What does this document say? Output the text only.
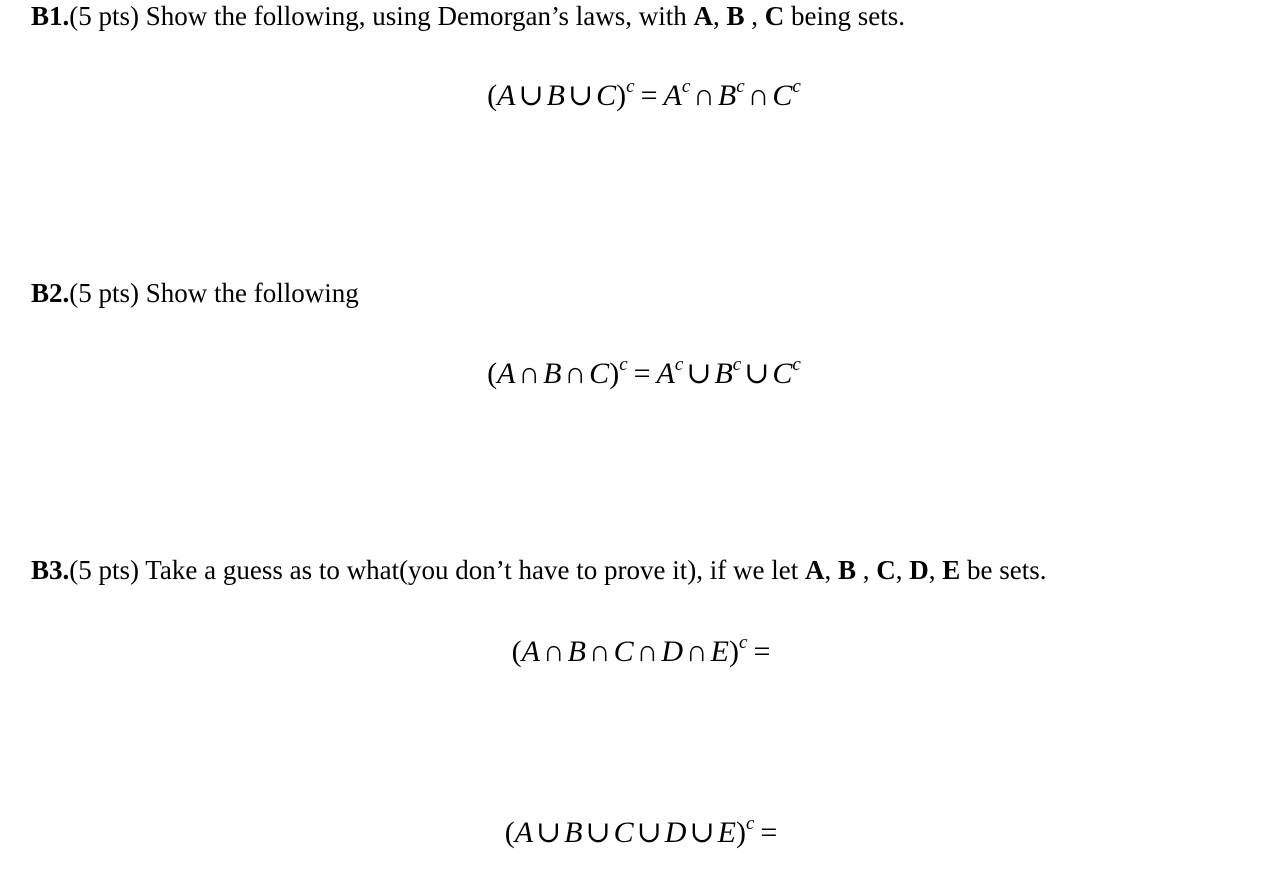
B1.(5 pts) Show the following, using Demorgan’s laws, with A, B , C being sets.
(A ∪ B ∪ $C)^c = A^c$ ∩ $B^c$ ∩ $C^c$
B2.(5 pts) Show the following
(A ∩ B ∩ $C)^c = A^c$ ∪ $B^c$ ∪ $C^c$
B3.(5 pts) Take a guess as to what(you don’t have to prove it), if we let A, B , C, D, E be sets.
(A ∩ B ∩ C ∩ D ∩ E)$^c$ =
(A ∪ B ∪ C ∪ D ∪ E)$^c$ =
